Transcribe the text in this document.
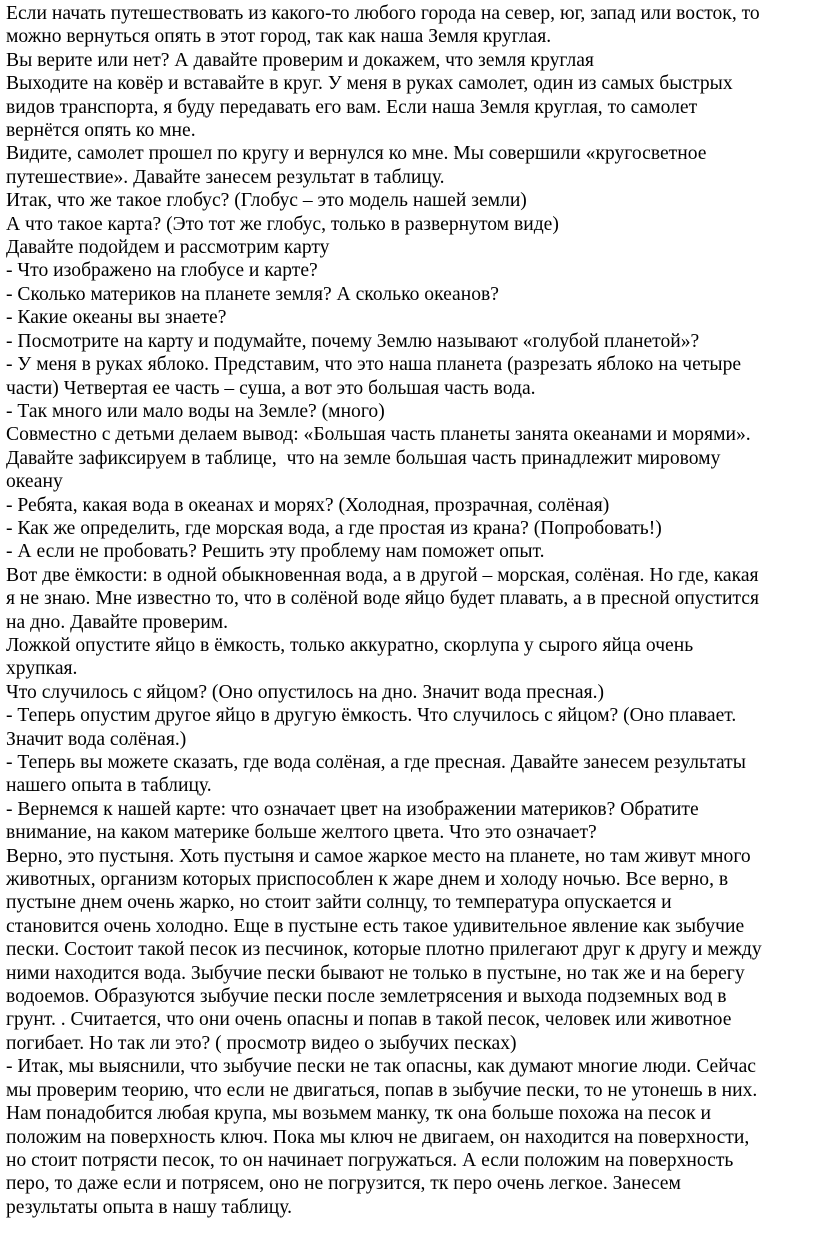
Если начать путешествовать из какого-то любого города на север, юг, запад или восток, то

можно вернуться опять в этот город, так как наша Земля круглая.

Вы верите или нет? А давайте проверим и докажем, что земля круглая

Выходите на ковёр и вставайте в круг. У меня в руках самолет, один из самых быстрых

видов транспорта, я буду передавать его вам. Если наша Земля круглая, то самолет

вернётся опять ко мне.

Видите, самолет прошел по кругу и вернулся ко мне. Мы совершили «кругосветное

путешествие». Давайте занесем результат в таблицу.

Итак, что же такое глобус? (Глобус – это модель нашей земли)

А что такое карта? (Это тот же глобус, только в развернутом виде)

Давайте подойдем и рассмотрим карту

- Что изображено на глобусе и карте?

- Сколько материков на планете земля? А сколько океанов?

- Какие океаны вы знаете?

- Посмотрите на карту и подумайте, почему Землю называют «голубой планетой»?

- У меня в руках яблоко. Представим, что это наша планета (разрезать яблоко на четыре

части) Четвертая ее часть – суша, а вот это большая часть вода.

- Так много или мало воды на Земле? (много)

Совместно с детьми делаем вывод: «Большая часть планеты занята океанами и морями».

Давайте зафиксируем в таблице,  что на земле большая часть принадлежит мировому

океану

- Ребята, какая вода в океанах и морях? (Холодная, прозрачная, солёная)

- Как же определить, где морская вода, а где простая из крана? (Попробовать!)

- А если не пробовать? Решить эту проблему нам поможет опыт.

Вот две ёмкости: в одной обыкновенная вода, а в другой – морская, солёная. Но где, какая

я не знаю. Мне известно то, что в солёной воде яйцо будет плавать, а в пресной опустится

на дно. Давайте проверим.

Ложкой опустите яйцо в ёмкость, только аккуратно, скорлупа у сырого яйца очень

хрупкая.

Что случилось с яйцом? (Оно опустилось на дно. Значит вода пресная.)

- Теперь опустим другое яйцо в другую ёмкость. Что случилось с яйцом? (Оно плавает.

Значит вода солёная.)

- Теперь вы можете сказать, где вода солёная, а где пресная. Давайте занесем результаты

нашего опыта в таблицу.

- Вернемся к нашей карте: что означает цвет на изображении материков? Обратите

внимание, на каком материке больше желтого цвета. Что это означает?

Верно, это пустыня. Хоть пустыня и самое жаркое место на планете, но там живут много

животных, организм которых приспособлен к жаре днем и холоду ночью. Все верно, в

пустыне днем очень жарко, но стоит зайти солнцу, то температура опускается и

становится очень холодно. Еще в пустыне есть такое удивительное явление как зыбучие

пески. Состоит такой песок из песчинок, которые плотно прилегают друг к другу и между

ними находится вода. Зыбучие пески бывают не только в пустыне, но так же и на берегу

водоемов. Образуются зыбучие пески после землетрясения и выхода подземных вод в

грунт. . Считается, что они очень опасны и попав в такой песок, человек или животное

погибает. Но так ли это? ( просмотр видео о зыбучих песках)

- Итак, мы выяснили, что зыбучие пески не так опасны, как думают многие люди. Сейчас

мы проверим теорию, что если не двигаться, попав в зыбучие пески, то не утонешь в них.

Нам понадобится любая крупа, мы возьмем манку, тк она больше похожа на песок и

положим на поверхность ключ. Пока мы ключ не двигаем, он находится на поверхности,

но стоит потрясти песок, то он начинает погружаться. А если положим на поверхность

перо, то даже если и потрясем, оно не погрузится, тк перо очень легкое. Занесем

результаты опыта в нашу таблицу.
